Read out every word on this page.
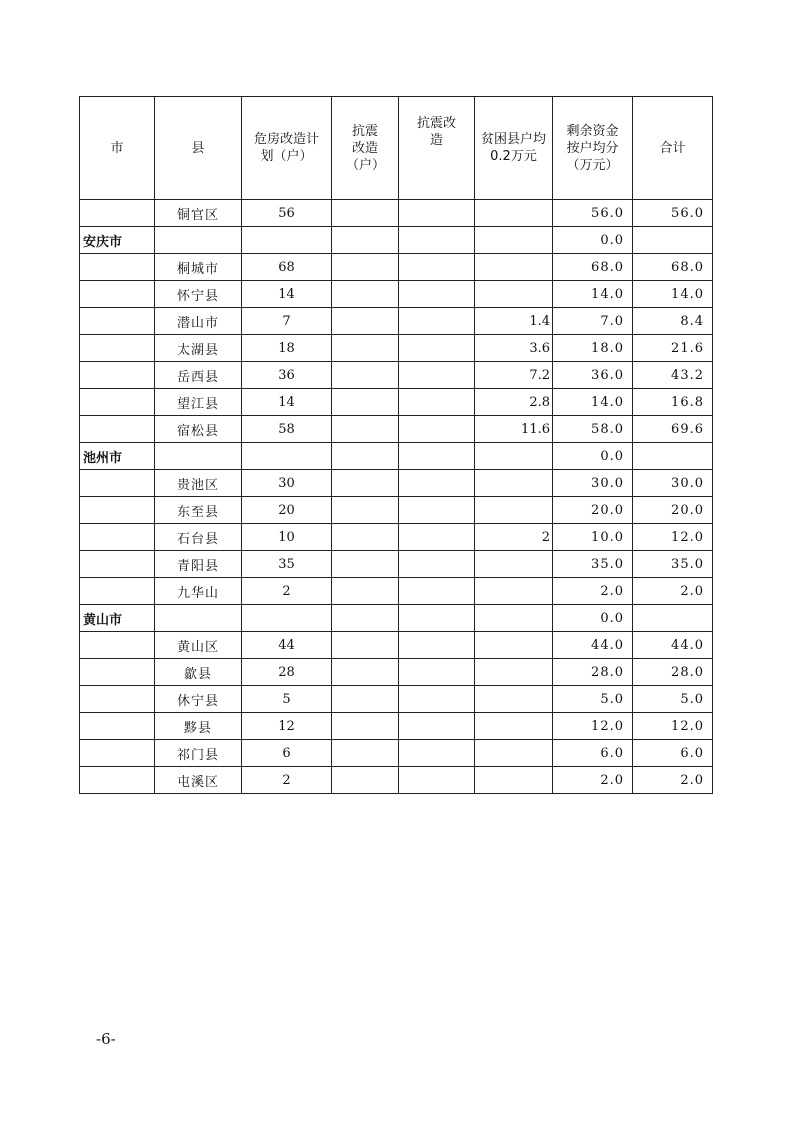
市	县	危房改造计划（户）	抗震改造（户）	抗震改造	贫困县户均0.2万元	剩余资金按户均分（万元）	合计
	铜官区	56				56.0	56.0
安庆市						0.0	
	桐城市	68				68.0	68.0
	怀宁县	14				14.0	14.0
	潜山市	7			1.4	7.0	8.4
	太湖县	18			3.6	18.0	21.6
	岳西县	36			7.2	36.0	43.2
	望江县	14			2.8	14.0	16.8
	宿松县	58			11.6	58.0	69.6
池州市						0.0	
	贵池区	30				30.0	30.0
	东至县	20				20.0	20.0
	石台县	10			2	10.0	12.0
	青阳县	35				35.0	35.0
	九华山	2				2.0	2.0
黄山市						0.0	
	黄山区	44				44.0	44.0
	歙县	28				28.0	28.0
	休宁县	5				5.0	5.0
	黟县	12				12.0	12.0
	祁门县	6				6.0	6.0
	屯溪区	2				2.0	2.0
-6-
